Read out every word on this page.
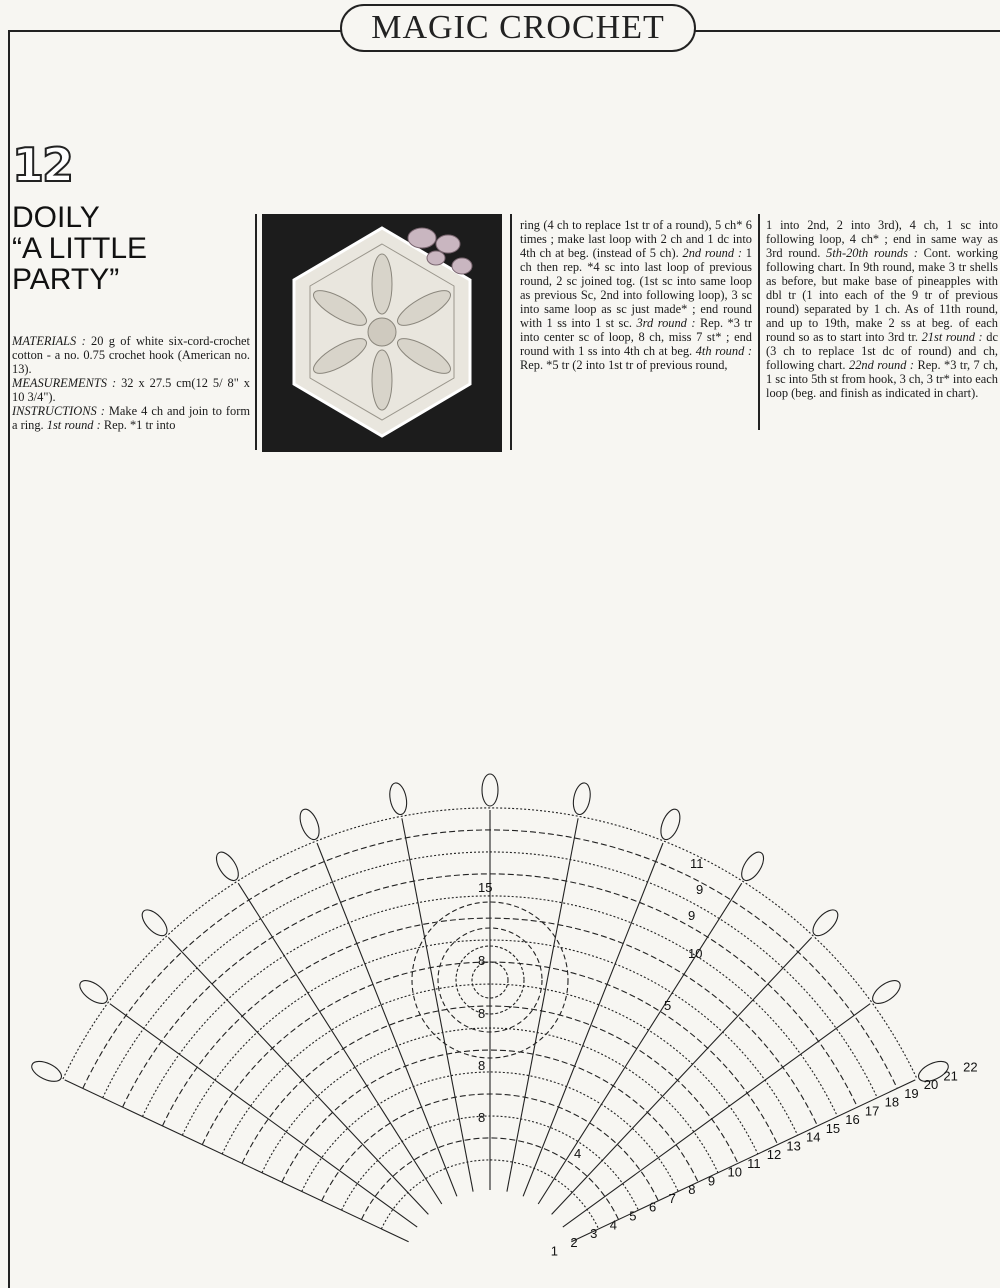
MAGIC CROCHET
12
DOILY
“A LITTLE
PARTY”
MATERIALS : 20 g of white six-cord-crochet cotton - a no. 0.75 crochet hook (American no. 13).
MEASUREMENTS : 32 x 27.5 cm(12 5/ 8" x 10 3/4").
INSTRUCTIONS : Make 4 ch and join to form a ring. 1st round : Rep. *1 tr into
ring (4 ch to replace 1st tr of a round), 5 ch* 6 times ; make last loop with 2 ch and 1 dc into 4th ch at beg. (instead of 5 ch). 2nd round : 1 ch then rep. *4 sc into last loop of previous round, 2 sc joined tog. (1st sc into same loop as previous Sc, 2nd into following loop), 3 sc into same loop as sc just made* ; end round with 1 ss into 1 st sc. 3rd round : Rep. *3 tr into center sc of loop, 8 ch, miss 7 st* ; end round with 1 ss into 4th ch at beg. 4th round : Rep. *5 tr (2 into 1st tr of previous round,
1 into 2nd, 2 into 3rd), 4 ch, 1 sc into following loop, 4 ch* ; end in same way as 3rd round. 5th-20th rounds : Cont. working following chart. In 9th round, make 3 tr shells as before, but make base of pineapples with dbl tr (1 into each of the 9 tr of previous round) separated by 1 ch. As of 11th round, and up to 19th, make 2 ss at beg. of each round so as to start into 3rd tr. 21st round : dc (3 ch to replace 1st dc of round) and ch, following chart. 22nd round : Rep. *3 tr, 7 ch, 1 sc into 5th st from hook, 3 ch, 3 tr* into each loop (beg. and finish as indicated in chart).
1
2
3
4
5
6
7
8
9
10
11
12
13
14
15
16
17
18
19
20
21
22
15
8
8
8
8
5
9
9
10
11
4
